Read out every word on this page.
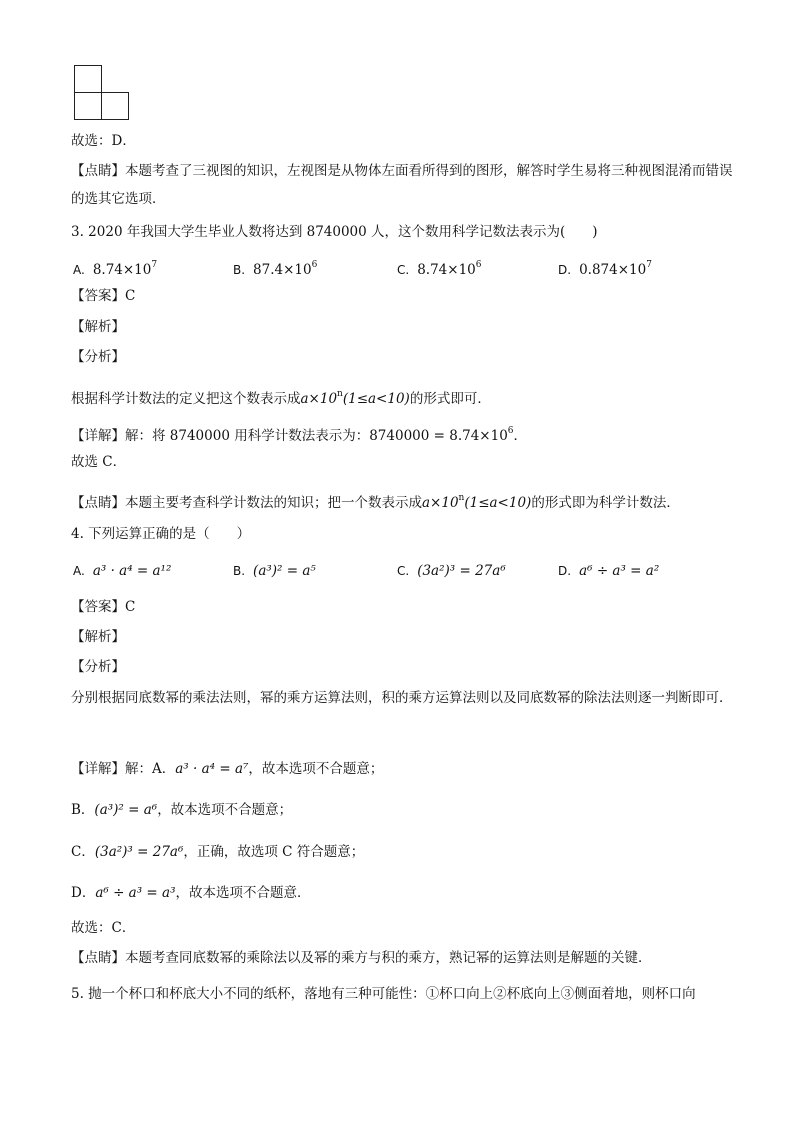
故选：D．
【点睛】本题考查了三视图的知识，左视图是从物体左面看所得到的图形，解答时学生易将三种视图混淆而错误的选其它选项．
3. 2020 年我国大学生毕业人数将达到 8740000 人，这个数用科学记数法表示为(　　)
A. $8.74\times 10^7$	B. $87.4\times 10^6$	C. $8.74\times 10^6$	D. $0.874\times 10^7$
【答案】C
【解析】
【分析】
根据科学计数法的定义把这个数表示成$a\times 10^n(1\le a<10)$的形式即可．
【详解】解：将 8740000 用科学计数法表示为：$8740000 = 8.74\times 10^6$．
故选 C．
【点睛】本题主要考查科学计数法的知识；把一个数表示成$a\times 10^n(1\le a<10)$的形式即为科学计数法．
4. 下列运算正确的是（　　）
A. a³ · a⁴ = a¹²	B. (a³)² = a⁵	C. (3a²)³ = 27a⁶	D. a⁶ ÷ a³ = a²
【答案】C
【解析】
【分析】
分别根据同底数幂的乘法法则，幂的乘方运算法则，积的乘方运算法则以及同底数幂的除法法则逐一判断即可．
【详解】解：A．a³ · a⁴ = a⁷，故本选项不合题意；
B．(a³)² = a⁶，故本选项不合题意；
C．(3a²)³ = 27a⁶，正确，故选项 C 符合题意；
D．a⁶ ÷ a³ = a³，故本选项不合题意．
故选：C．
【点睛】本题考查同底数幂的乘除法以及幂的乘方与积的乘方，熟记幂的运算法则是解题的关键．
5. 抛一个杯口和杯底大小不同的纸杯，落地有三种可能性：①杯口向上②杯底向上③侧面着地，则杯口向
